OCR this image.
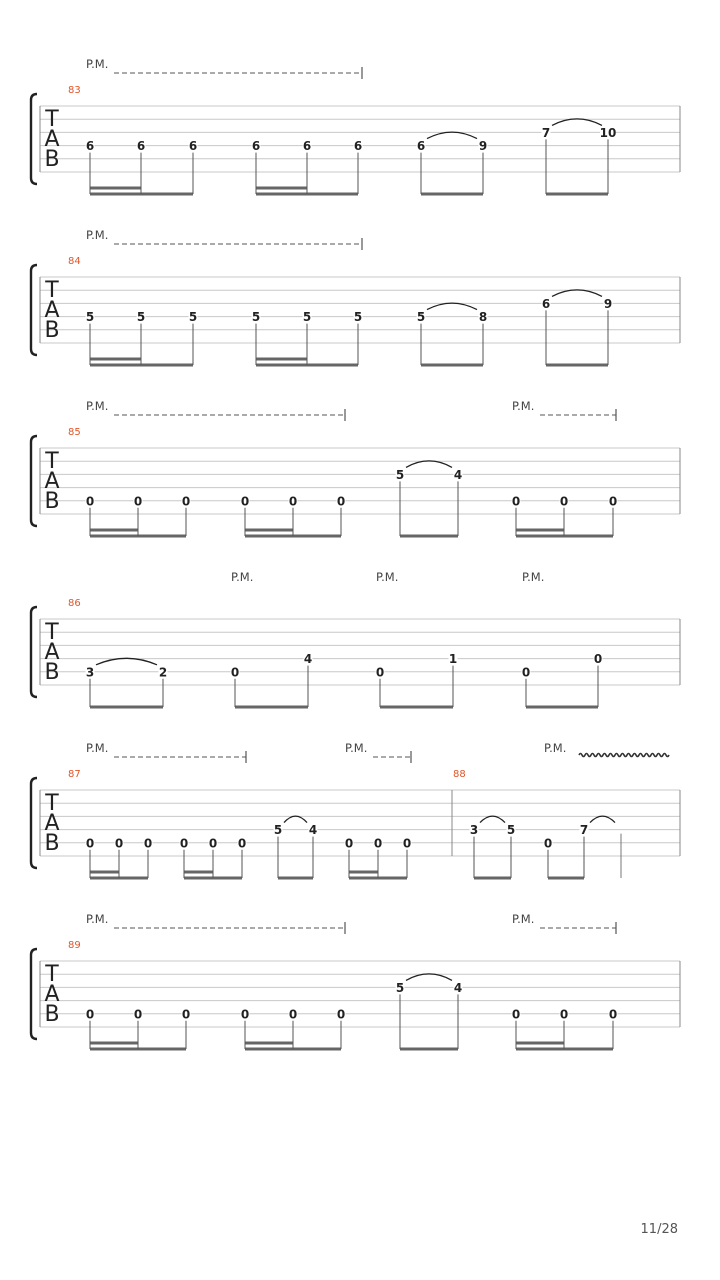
T
A
B
83
P.M.
6	6	6	6	6	6	6	9
7	10
T
A
B
84
P.M.
5	5	5	5	5	5	5	8
6	9
T
A
B
85
P.M.	P.M.
0	0	0	0	0	0
5	4
0	0	0
T
A
B
86
P.M.	P.M.	P.M.
3	2	0
4
0
1
0
0
T
A
B
87	88
P.M.	P.M.	P.M.
0 0 0 0 0 0
5 4
0 0 0
3 5
0
7
T
A
B
89
P.M.	P.M.
0	0	0	0	0	0
5	4
0	0	0
11/28
